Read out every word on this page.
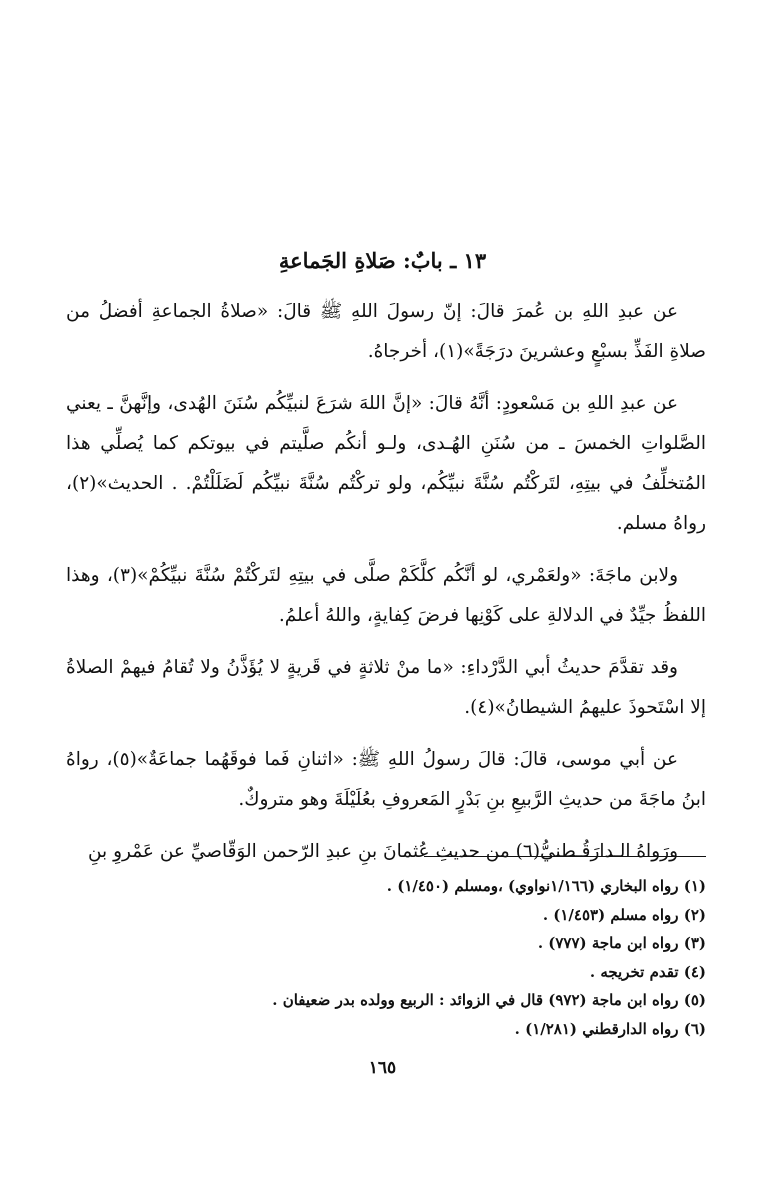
١٣ ـ بابٌ: صَلاةِ الجَماعةِ

عن عبدِ اللهِ بن عُمرَ قالَ: إنّ رسولَ اللهِ ﷺ قالَ: «صلاةُ الجماعةِ أفضلُ من صلاةِ الفَذِّ بسبْعٍ وعشرينَ درَجَةً»(١)، أخرجاهُ.

عن عبدِ اللهِ بن مَسْعودٍ: أنَّهُ قالَ: «إنَّ اللهَ شرَعَ لنبيِّكُم سُنَنَ الهُدى، وإنَّهنَّ ـ يعني الصَّلواتِ الخمسَ ـ من سُنَنِ الهُـدى، ولـو أنكُم صلَّيتم في بيوتكم كما يُصلِّي هذا المُتخلِّفُ في بيتِهِ، لتَركْتُم سُنَّةَ نبيِّكُم، ولو تركْتُم سُنَّةَ نبيِّكُم لَضَلَلْتُمْ. . الحديث»(٢)، رواهُ مسلم.

ولابن ماجَةَ: «ولعَمْري، لو أنَّكُم كلَّكَمْ صلَّى في بيتِهِ لتَركْتُمْ سُنَّةَ نبيِّكُمْ»(٣)، وهذا اللفظُ جيِّدٌ في الدلالةِ على كَوْنِها فرضَ كِفايةٍ، واللهُ أعلمُ.

وقد تقدَّمَ حديثُ أبي الدَّرْداءِ: «ما منْ ثلاثةٍ في قَريةٍ لا يُؤَذَّنُ ولا تُقامُ فيهمْ الصلاةُ إلا اسْتَحوذَ عليهمُ الشيطانُ»(٤).

عن أبي موسى، قالَ: قالَ رسولُ اللهِ ﷺ: «اثنانِ فَما فوقَهُما جماعَةٌ»(٥)، رواهُ ابنُ ماجَةَ من حديثِ الرَّبيعِ بنِ بَدْرٍ المَعروفِ بعُلَيْلَةَ وهو متروكٌ.

ورَواهُ الـدارَقُـطنيُّ(٦) من حديثِ عُثمانَ بنِ عبدِ الرّحمن الوَقّاصيِّ عن عَمْروِ بنِ

(١) رواه البخاري (١/١٦٦نواوي) ،ومسلم (١/٤٥٠) .
(٢) رواه مسلم (١/٤٥٣) .
(٣) رواه ابن ماجة (٧٧٧) .
(٤) تقدم تخريجه .
(٥) رواه ابن ماجة (٩٧٢) قال في الزوائد : الربيع وولده بدر ضعيفان .
(٦) رواه الدارقطني (١/٢٨١) .
١٦٥
